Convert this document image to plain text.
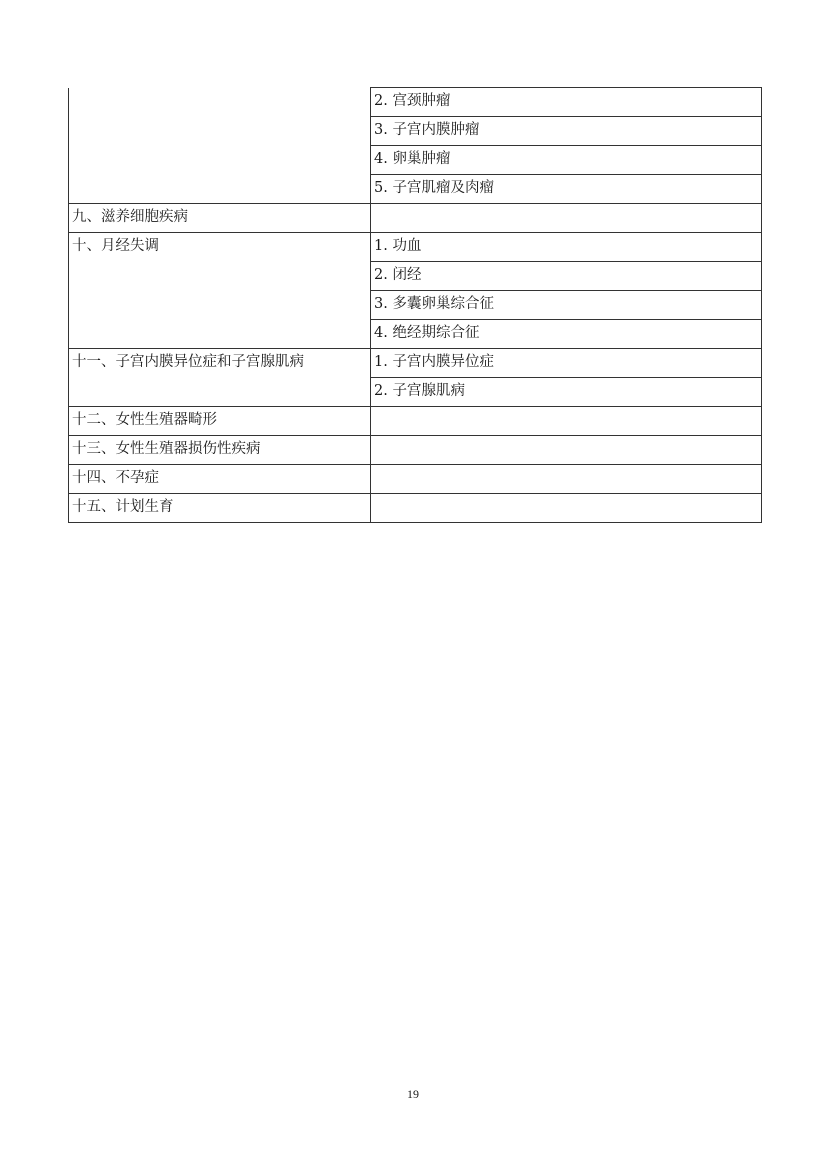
	2. 宫颈肿瘤
	3. 子宫内膜肿瘤
	4. 卵巢肿瘤
	5. 子宫肌瘤及肉瘤
九、滋养细胞疾病	
十、月经失调	1. 功血
	2. 闭经
	3. 多囊卵巢综合征
	4. 绝经期综合征
十一、子宫内膜异位症和子宫腺肌病	1. 子宫内膜异位症
	2. 子宫腺肌病
十二、女性生殖器畸形	
十三、女性生殖器损伤性疾病	
十四、不孕症	
十五、计划生育	
19
